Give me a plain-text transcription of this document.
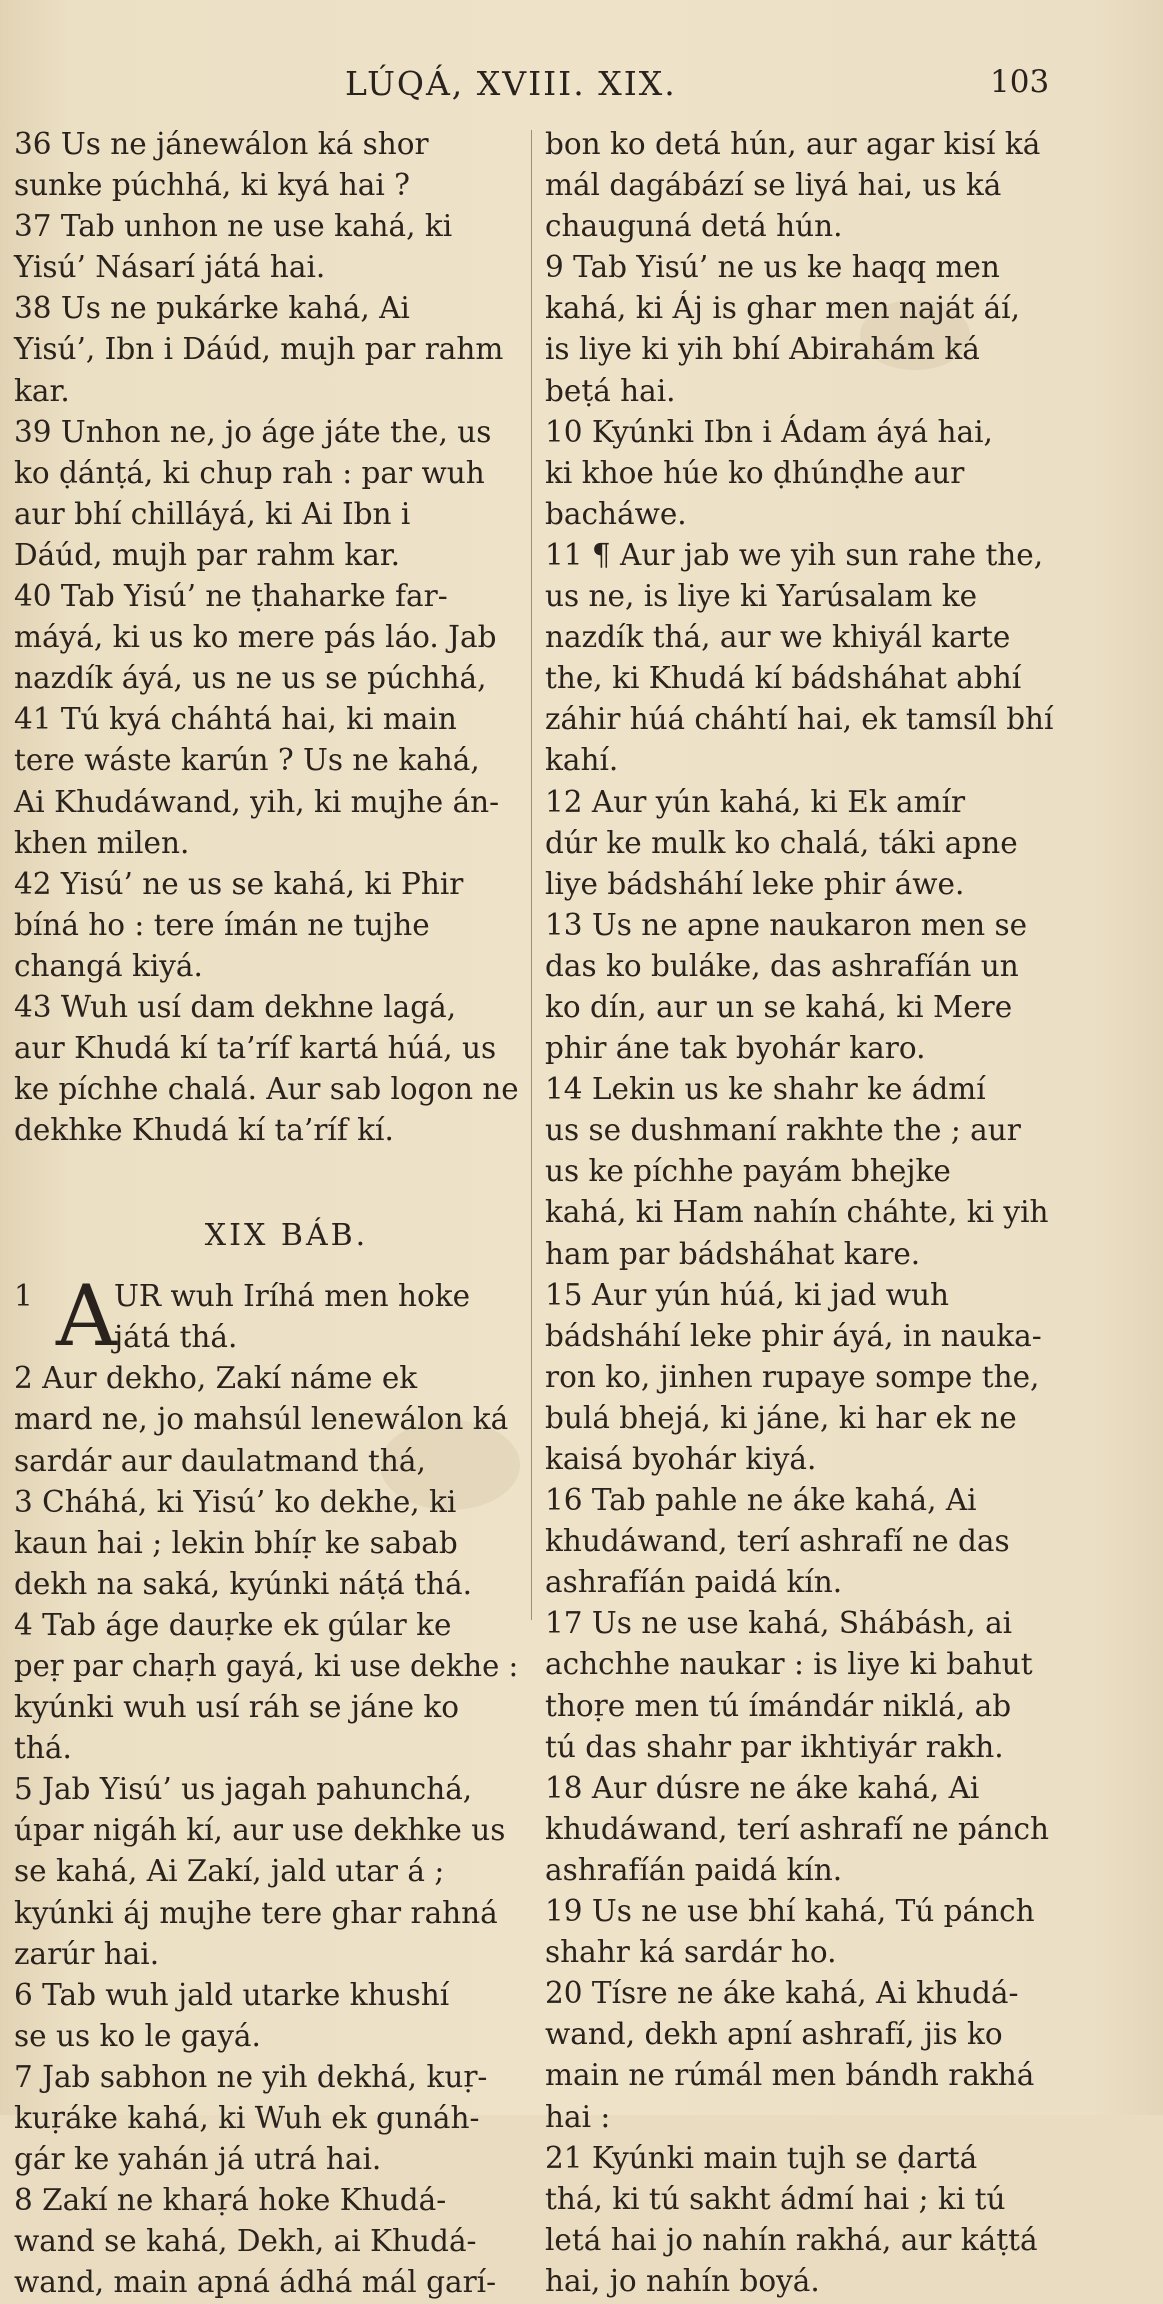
LÚQÁ, XVIII. XIX.	103
36 Us ne jánewálon ká shor
sunke púchhá, ki kyá hai ?
37 Tab unhon ne use kahá, ki
Yisú’ Násarí játá hai.
38 Us ne pukárke kahá, Ai
Yisú’, Ibn i Dáúd, mujh par rahm
kar.
39 Unhon ne, jo áge játe the, us
ko ḍánṭá, ki chup rah : par wuh
aur bhí chilláyá, ki Ai Ibn i
Dáúd, mujh par rahm kar.
40 Tab Yisú’ ne ṭhaharke far-
máyá, ki us ko mere pás láo. Jab
nazdík áyá, us ne us se púchhá,
41 Tú kyá cháhtá hai, ki main
tere wáste karún ? Us ne kahá,
Ai Khudáwand, yih, ki mujhe án-
khen milen.
42 Yisú’ ne us se kahá, ki Phir
bíná ho : tere ímán ne tujhe
changá kiyá.
43 Wuh usí dam dekhne lagá,
aur Khudá kí ta’ríf kartá húá, us
ke píchhe chalá. Aur sab logon ne
dekhke Khudá kí ta’ríf kí.
XIX BÁB.
1 A
UR wuh Iríhá men hoke
játá thá.
2 Aur dekho, Zakí náme ek
mard ne, jo mahsúl lenewálon ká
sardár aur daulatmand thá,
3 Cháhá, ki Yisú’ ko dekhe, ki
kaun hai ; lekin bhíṛ ke sabab
dekh na saká, kyúnki náṭá thá.
4 Tab áge dauṛke ek gúlar ke
peṛ par chaṛh gayá, ki use dekhe :
kyúnki wuh usí ráh se jáne ko
thá.
5 Jab Yisú’ us jagah pahunchá,
úpar nigáh kí, aur use dekhke us
se kahá, Ai Zakí, jald utar á ;
kyúnki áj mujhe tere ghar rahná
zarúr hai.
6 Tab wuh jald utarke khushí
se us ko le gayá.
7 Jab sabhon ne yih dekhá, kuṛ-
kuṛáke kahá, ki Wuh ek gunáh-
gár ke yahán já utrá hai.
8 Zakí ne khaṛá hoke Khudá-
wand se kahá, Dekh, ai Khudá-
wand, main apná ádhá mál garí-
bon ko detá hún, aur agar kisí ká
mál dagábází se liyá hai, us ká
chauguná detá hún.
9 Tab Yisú’ ne us ke haqq men
kahá, ki Áj is ghar men naját áí,
is liye ki yih bhí Abirahám ká
beṭá hai.
10 Kyúnki Ibn i Ádam áyá hai,
ki khoe húe ko ḍhúnḍhe aur
bacháwe.
11 ¶ Aur jab we yih sun rahe the,
us ne, is liye ki Yarúsalam ke
nazdík thá, aur we khiyál karte
the, ki Khudá kí bádsháhat abhí
záhir húá cháhtí hai, ek tamsíl bhí
kahí.
12 Aur yún kahá, ki Ek amír
dúr ke mulk ko chalá, táki apne
liye bádsháhí leke phir áwe.
13 Us ne apne naukaron men se
das ko buláke, das ashrafíán un
ko dín, aur un se kahá, ki Mere
phir áne tak byohár karo.
14 Lekin us ke shahr ke ádmí
us se dushmaní rakhte the ; aur
us ke píchhe payám bhejke
kahá, ki Ham nahín cháhte, ki yih
ham par bádsháhat kare.
15 Aur yún húá, ki jad wuh
bádsháhí leke phir áyá, in nauka-
ron ko, jinhen rupaye sompe the,
bulá bhejá, ki jáne, ki har ek ne
kaisá byohár kiyá.
16 Tab pahle ne áke kahá, Ai
khudáwand, terí ashrafí ne das
ashrafíán paidá kín.
17 Us ne use kahá, Shábásh, ai
achchhe naukar : is liye ki bahut
thoṛe men tú ímándár niklá, ab
tú das shahr par ikhtiyár rakh.
18 Aur dúsre ne áke kahá, Ai
khudáwand, terí ashrafí ne pánch
ashrafíán paidá kín.
19 Us ne use bhí kahá, Tú pánch
shahr ká sardár ho.
20 Tísre ne áke kahá, Ai khudá-
wand, dekh apní ashrafí, jis ko
main ne rúmál men bándh rakhá
hai :
21 Kyúnki main tujh se ḍartá
thá, ki tú sakht ádmí hai ; ki tú
letá hai jo nahín rakhá, aur káṭtá
hai, jo nahín boyá.
